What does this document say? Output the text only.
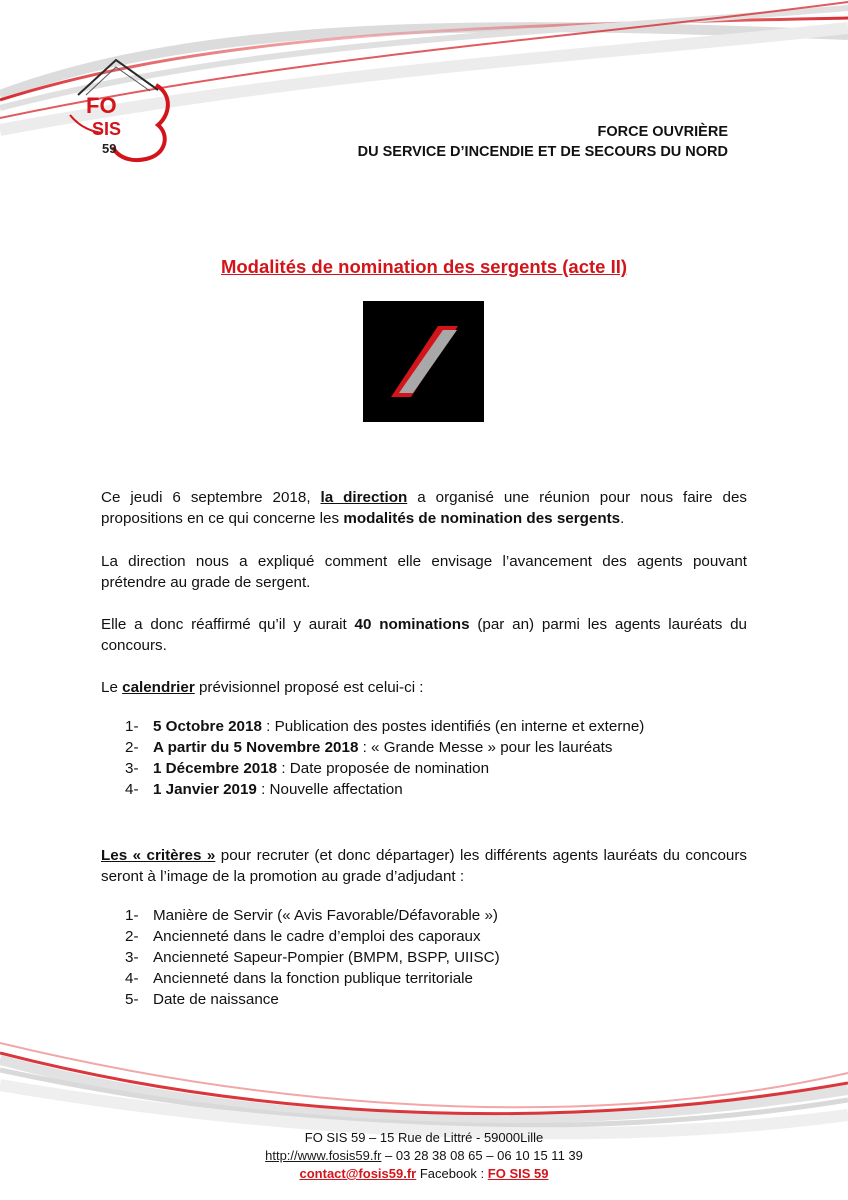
FO
SIS
59
FORCE OUVRIÈRE
DU SERVICE D’INCENDIE ET DE SECOURS DU NORD
Modalités de nomination des sergents (acte II)
Ce jeudi 6 septembre 2018, la direction a organisé une réunion pour nous faire des propositions en ce qui concerne les modalités de nomination des sergents.
La direction nous a expliqué comment elle envisage l’avancement des agents pouvant prétendre au grade de sergent.
Elle a donc réaffirmé qu’il y aurait 40 nominations (par an) parmi les agents lauréats du concours.
Le calendrier prévisionnel proposé est celui-ci :
1- 5 Octobre 2018 : Publication des postes identifiés (en interne et externe)
2- A partir du 5 Novembre 2018 : « Grande Messe » pour les lauréats
3- 1 Décembre 2018 : Date proposée de nomination
4- 1 Janvier 2019 : Nouvelle affectation
Les « critères » pour recruter (et donc départager) les différents agents lauréats du concours seront à l’image de la promotion au grade d’adjudant :
1- Manière de Servir (« Avis Favorable/Défavorable »)
2- Ancienneté dans le cadre d’emploi des caporaux
3- Ancienneté Sapeur-Pompier (BMPM, BSPP, UIISC)
4- Ancienneté dans la fonction publique territoriale
5- Date de naissance
FO SIS 59 – 15 Rue de Littré - 59000Lille
http://www.fosis59.fr – 03 28 38 08 65 – 06 10 15 11 39
contact@fosis59.fr Facebook : FO SIS 59
